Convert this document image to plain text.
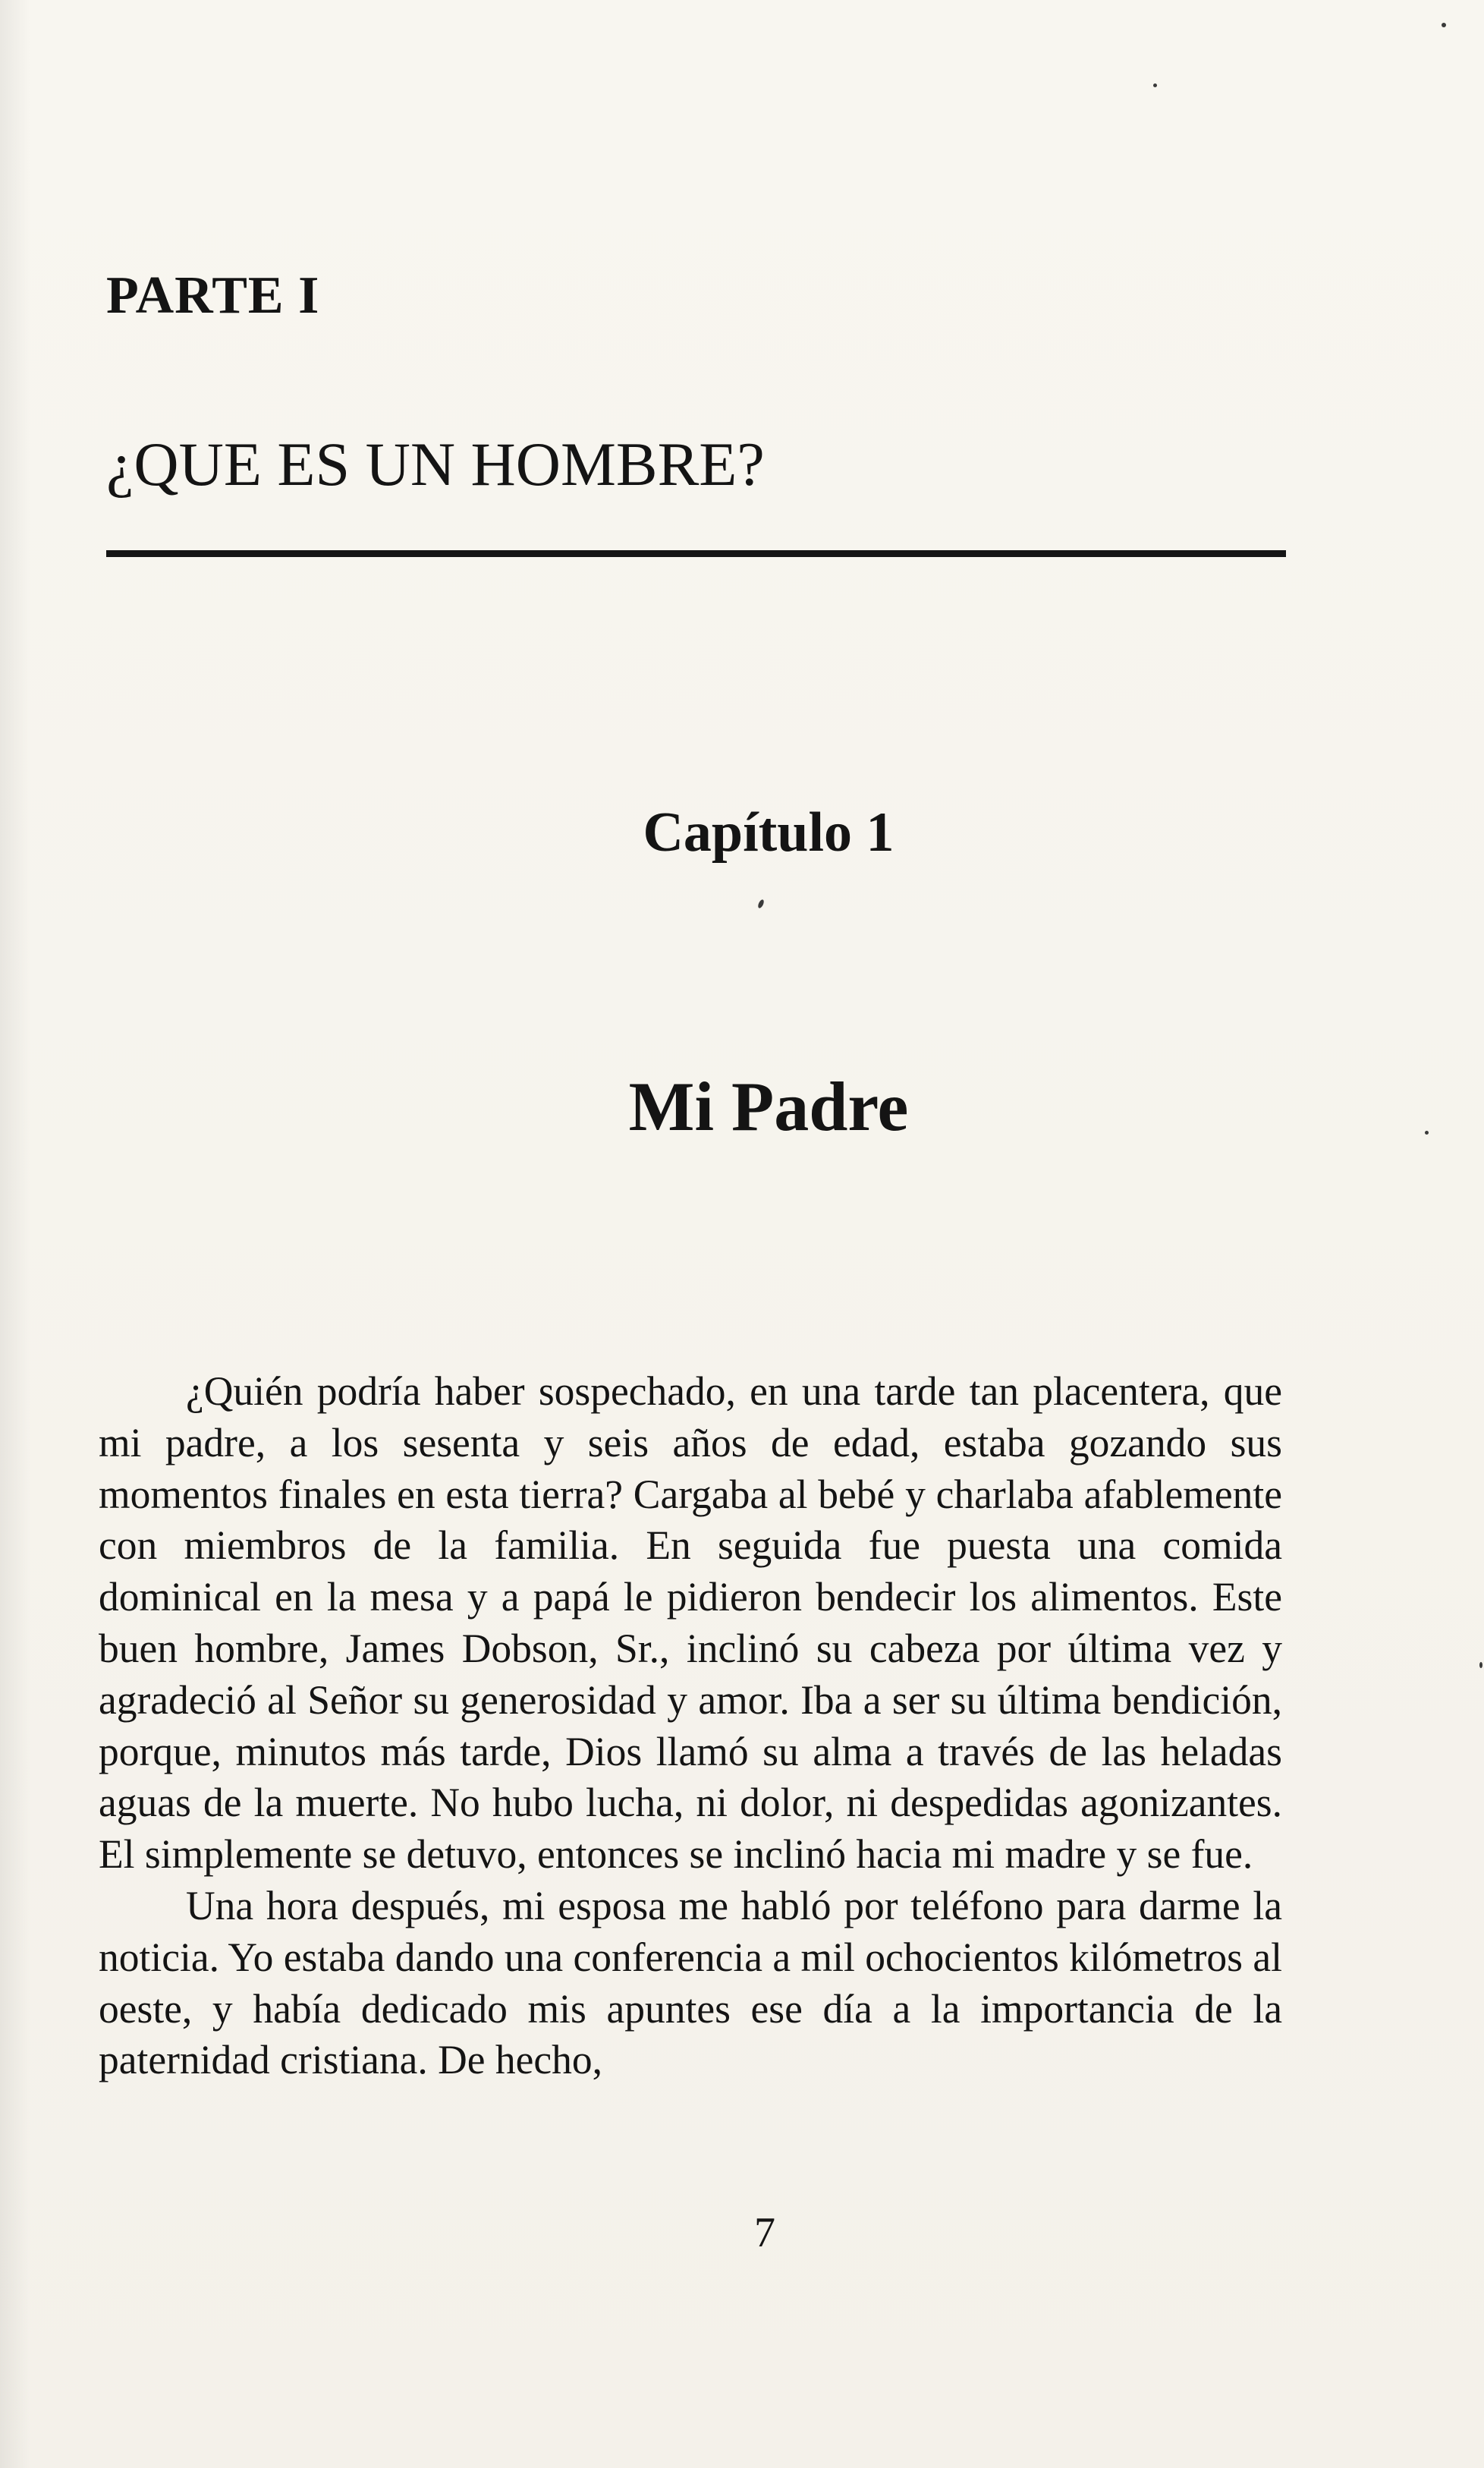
PARTE I
¿QUE ES UN HOMBRE?
Capítulo 1
Mi Padre

¿Quién podría haber sospechado, en una tarde tan placentera, que mi padre, a los sesenta y seis años de edad, estaba gozando sus momentos finales en esta tierra? Cargaba al bebé y charlaba afablemente con miembros de la familia. En seguida fue puesta una comida dominical en la mesa y a papá le pidieron bendecir los alimentos. Este buen hombre, James Dobson, Sr., inclinó su cabeza por última vez y agradeció al Señor su generosidad y amor. Iba a ser su última bendición, porque, minutos más tarde, Dios llamó su alma a través de las heladas aguas de la muerte. No hubo lucha, ni dolor, ni despedidas agonizantes. El simplemente se detuvo, entonces se inclinó hacia mi madre y se fue.

Una hora después, mi esposa me habló por teléfono para darme la noticia. Yo estaba dando una conferencia a mil ochocientos kilómetros al oeste, y había dedicado mis apuntes ese día a la importancia de la paternidad cristiana. De hecho,

7
